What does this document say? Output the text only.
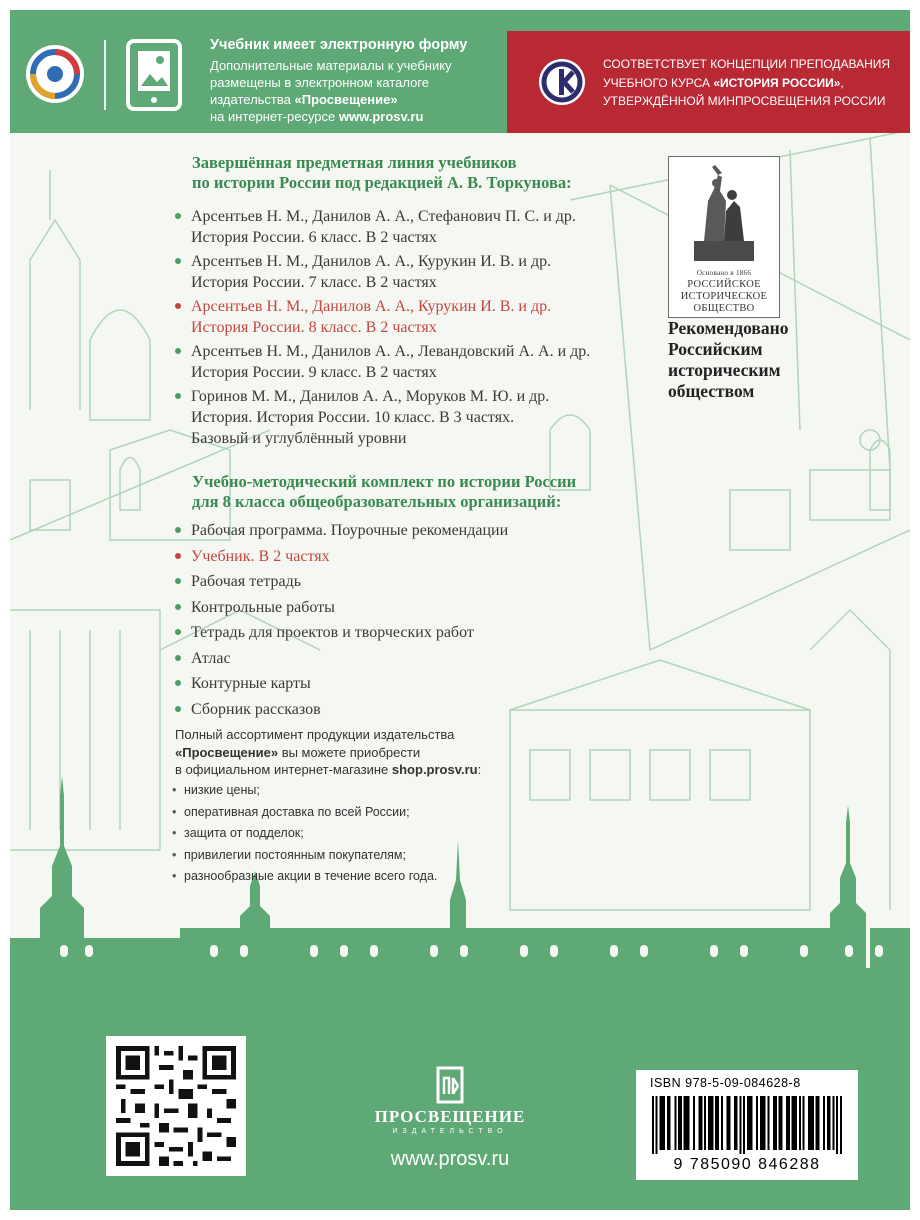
Учебник имеет электронную форму
Дополнительные материалы к учебнику
размещены в электронном каталоге
издательства «Просвещение»
на интернет-ресурсе www.prosv.ru
СООТВЕТСТВУЕТ КОНЦЕПЦИИ ПРЕПОДАВАНИЯ
УЧЕБНОГО КУРСА «ИСТОРИЯ РОССИИ»,
УТВЕРЖДЁННОЙ МИНПРОСВЕЩЕНИЯ РОССИИ
Завершённая предметная линия учебников
по истории России под редакцией А. В. Торкунова:
Арсентьев Н. М., Данилов А. А., Стефанович П. С. и др.
История России. 6 класс. В 2 частях
Арсентьев Н. М., Данилов А. А., Курукин И. В. и др.
История России. 7 класс. В 2 частях
Арсентьев Н. М., Данилов А. А., Курукин И. В. и др.
История России. 8 класс. В 2 частях
Арсентьев Н. М., Данилов А. А., Левандовский А. А. и др.
История России. 9 класс. В 2 частях
Горинов М. М., Данилов А. А., Моруков М. Ю. и др.
История. История России. 10 класс. В 3 частях.
Базовый и углублённый уровни
Учебно-методический комплект по истории России
для 8 класса общеобразовательных организаций:
Рабочая программа. Поурочные рекомендации
Учебник. В 2 частях
Рабочая тетрадь
Контрольные работы
Тетрадь для проектов и творческих работ
Атлас
Контурные карты
Сборник рассказов
Основано в 1866
РОССИЙСКОЕ
ИСТОРИЧЕСКОЕ
ОБЩЕСТВО
Рекомендовано
Российским
историческим
обществом
Полный ассортимент продукции издательства
«Просвещение» вы можете приобрести
в официальном интернет-магазине shop.prosv.ru:
• низкие цены;
• оперативная доставка по всей России;
• защита от подделок;
• привилегии постоянным покупателям;
• разнообразные акции в течение всего года.
ПРОСВЕЩЕНИЕ
ИЗДАТЕЛЬСТВО
www.prosv.ru
ISBN 978-5-09-084628-8
9 785090 846288
